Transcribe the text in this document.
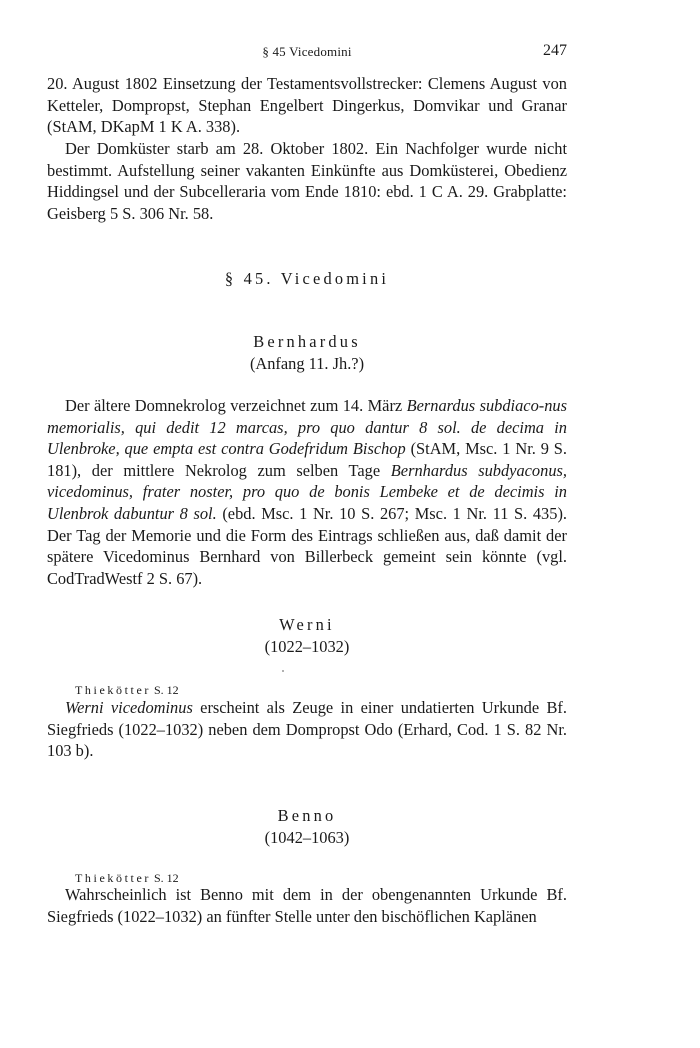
§ 45 Vicedomini	247

20. August 1802 Einsetzung der Testamentsvollstrecker: Clemens August von Ketteler, Dompropst, Stephan Engelbert Dingerkus, Domvikar und Granar (StAM, DKapM 1 K A. 338).

Der Domküster starb am 28. Oktober 1802. Ein Nachfolger wurde nicht bestimmt. Aufstellung seiner vakanten Einkünfte aus Domküsterei, Obedienz Hiddingsel und der Subcelleraria vom Ende 1810: ebd. 1 C A. 29. Grabplatte: Geisberg 5 S. 306 Nr. 58.

§ 45. Vicedomini
Bernhardus
(Anfang 11. Jh.?)

Der ältere Domnekrolog verzeichnet zum 14. März Bernardus subdiaco-nus memorialis, qui dedit 12 marcas, pro quo dantur 8 sol. de decima in Ulenbroke, que empta est contra Godefridum Bischop (StAM, Msc. 1 Nr. 9 S. 181), der mittlere Nekrolog zum selben Tage Bernhardus subdyaconus, vicedominus, frater noster, pro quo de bonis Lembeke et de decimis in Ulenbrok dabuntur 8 sol. (ebd. Msc. 1 Nr. 10 S. 267; Msc. 1 Nr. 11 S. 435). Der Tag der Memorie und die Form des Eintrags schließen aus, daß damit der spätere Vicedominus Bernhard von Billerbeck gemeint sein könnte (vgl. CodTradWestf 2 S. 67).

Werni
(1022–1032)
Thiekötter S. 12

Werni vicedominus erscheint als Zeuge in einer undatierten Urkunde Bf. Siegfrieds (1022–1032) neben dem Dompropst Odo (Erhard, Cod. 1 S. 82 Nr. 103 b).

Benno
(1042–1063)
Thiekötter S. 12

Wahrscheinlich ist Benno mit dem in der obengenannten Urkunde Bf. Siegfrieds (1022–1032) an fünfter Stelle unter den bischöflichen Kaplänen
